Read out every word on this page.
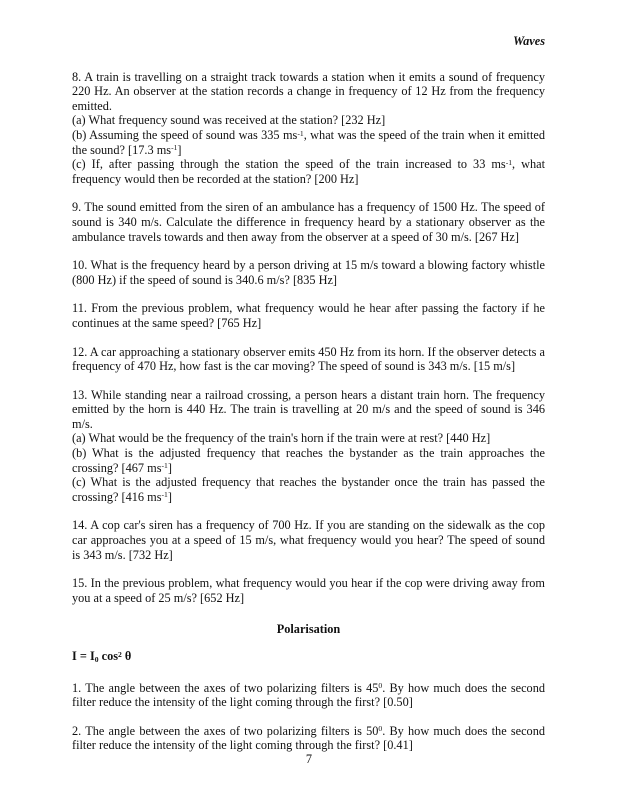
Waves

8. A train is travelling on a straight track towards a station when it emits a sound of frequency 220 Hz. An observer at the station records a change in frequency of 12 Hz from the frequency emitted.
(a) What frequency sound was received at the station? [232 Hz]
(b) Assuming the speed of sound was 335 $ms^{-1}$, what was the speed of the train when it emitted the sound? [17.3 $ms^{-1}$]
(c) If, after passing through the station the speed of the train increased to 33 $ms^{-1}$, what frequency would then be recorded at the station? [200 Hz]

9. The sound emitted from the siren of an ambulance has a frequency of 1500 Hz. The speed of sound is 340 m/s. Calculate the difference in frequency heard by a stationary observer as the ambulance travels towards and then away from the observer at a speed of 30 m/s. [267 Hz]

10. What is the frequency heard by a person driving at 15 m/s toward a blowing factory whistle (800 Hz) if the speed of sound is 340.6 m/s? [835 Hz]

11. From the previous problem, what frequency would he hear after passing the factory if he continues at the same speed? [765 Hz]

12. A car approaching a stationary observer emits 450 Hz from its horn. If the observer detects a frequency of 470 Hz, how fast is the car moving? The speed of sound is 343 m/s. [15 m/s]

13. While standing near a railroad crossing, a person hears a distant train horn. The frequency emitted by the horn is 440 Hz. The train is travelling at 20 m/s and the speed of sound is 346 m/s.
(a) What would be the frequency of the train's horn if the train were at rest? [440 Hz]
(b) What is the adjusted frequency that reaches the bystander as the train approaches the crossing? [467 $ms^{-1}$]
(c) What is the adjusted frequency that reaches the bystander once the train has passed the crossing? [416 $ms^{-1}$]

14. A cop car's siren has a frequency of 700 Hz. If you are standing on the sidewalk as the cop car approaches you at a speed of 15 m/s, what frequency would you hear? The speed of sound is 343 m/s. [732 Hz]

15. In the previous problem, what frequency would you hear if the cop were driving away from you at a speed of 25 m/s? [652 Hz]

Polarisation

$I = I_0$ $\cos^2 \theta$

1. The angle between the axes of two polarizing filters is $45^0$. By how much does the second filter reduce the intensity of the light coming through the first? [0.50]

2. The angle between the axes of two polarizing filters is $50^0$. By how much does the second filter reduce the intensity of the light coming through the first? [0.41]

7
